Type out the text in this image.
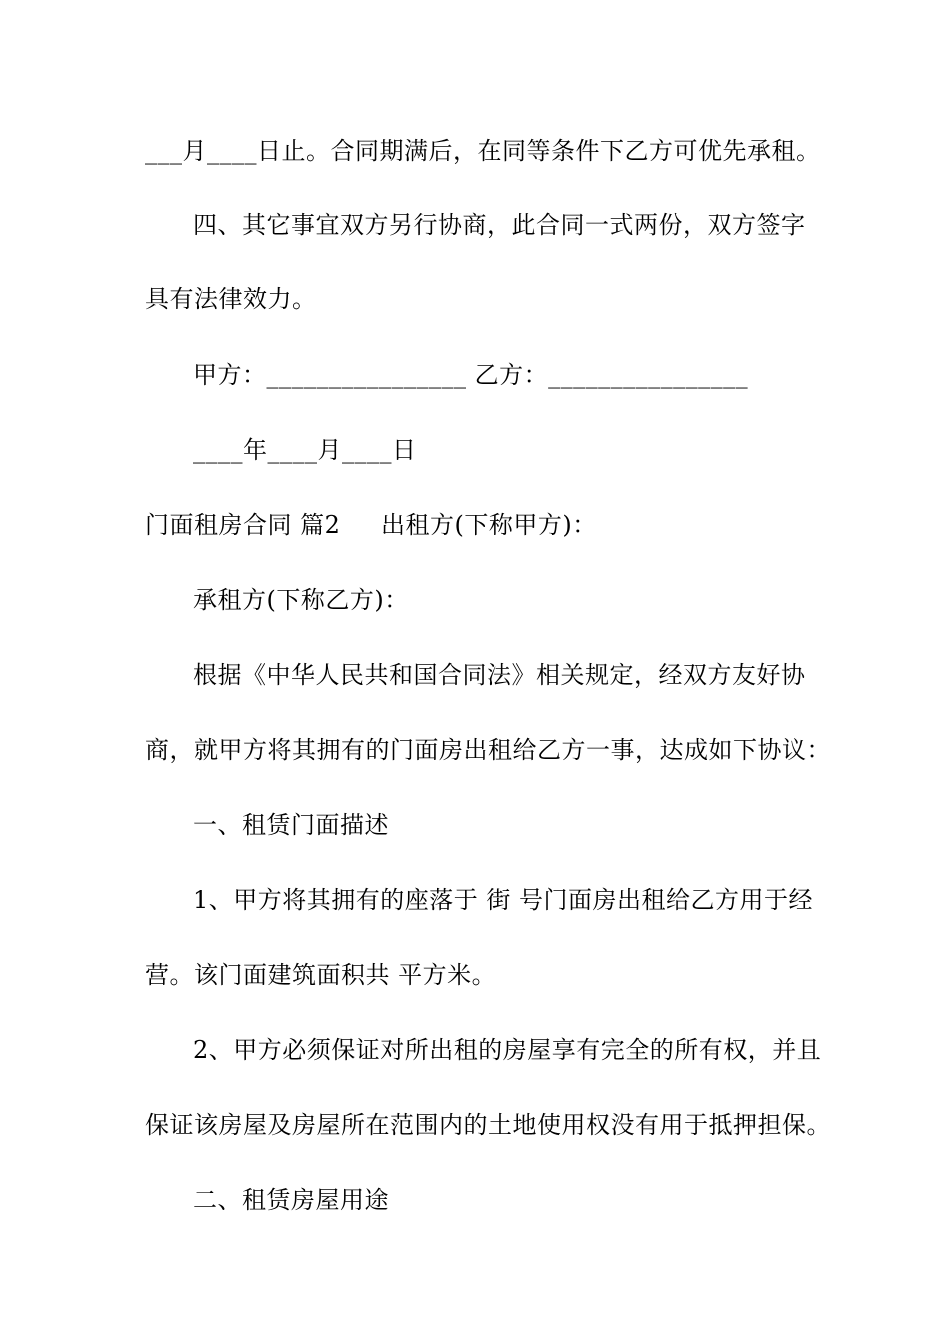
___月____日止。合同期满后，在同等条件下乙方可优先承租。
四、其它事宜双方另行协商，此合同一式两份，双方签字
具有法律效力。
甲方：________________ 乙方：________________
____年____月____日
门面租房合同 篇2     出租方(下称甲方)：
承租方(下称乙方)：
根据《中华人民共和国合同法》相关规定，经双方友好协
商，就甲方将其拥有的门面房出租给乙方一事，达成如下协议：
一、租赁门面描述
1、甲方将其拥有的座落于 街 号门面房出租给乙方用于经
营。该门面建筑面积共 平方米。
2、甲方必须保证对所出租的房屋享有完全的所有权，并且
保证该房屋及房屋所在范围内的土地使用权没有用于抵押担保。
二、租赁房屋用途
